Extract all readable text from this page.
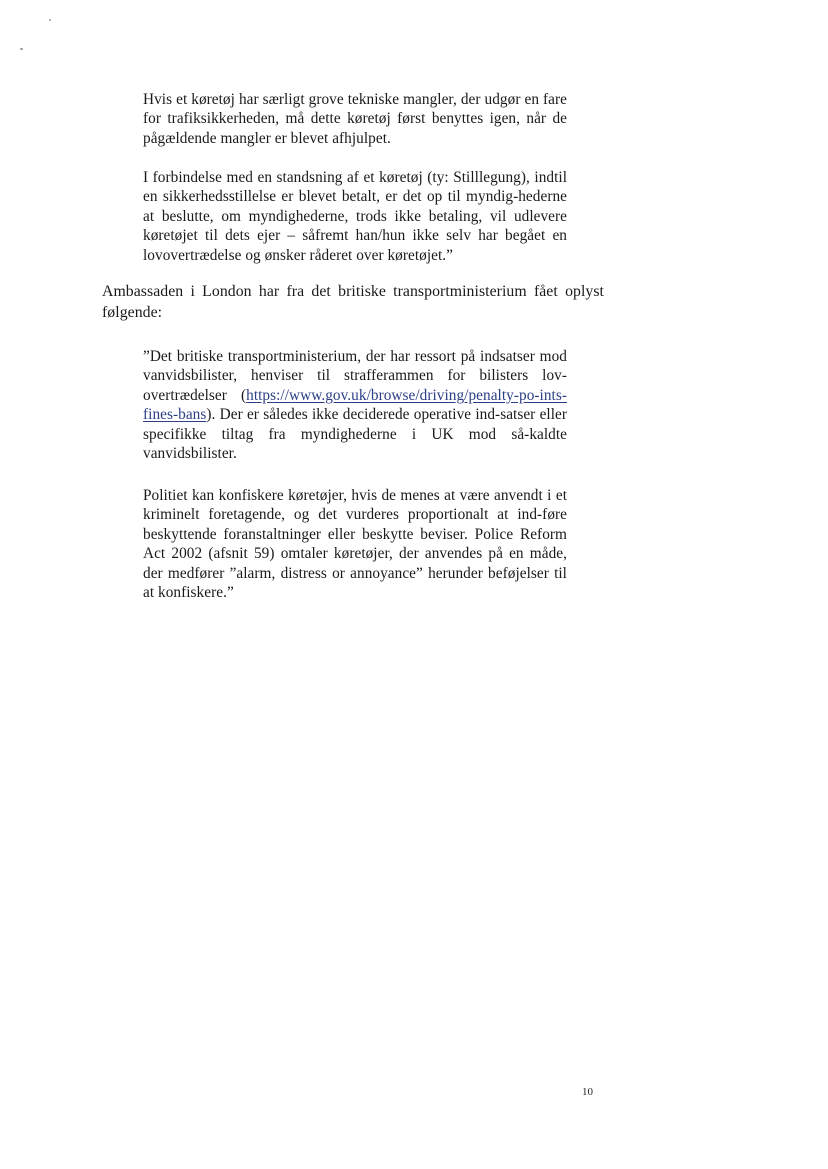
Hvis et køretøj har særligt grove tekniske mangler, der udgør en fare for trafiksikkerheden, må dette køretøj først benyttes igen, når de pågældende mangler er blevet afhjulpet.

I forbindelse med en standsning af et køretøj (ty: Stilllegung), indtil en sikkerhedsstillelse er blevet betalt, er det op til myndig-hederne at beslutte, om myndighederne, trods ikke betaling, vil udlevere køretøjet til dets ejer – såfremt han/hun ikke selv har begået en lovovertrædelse og ønsker råderet over køretøjet.”

Ambassaden i London har fra det britiske transportministerium fået oplyst følgende:

”Det britiske transportministerium, der har ressort på indsatser mod vanvidsbilister, henviser til strafferammen for bilisters lov-overtrædelser (https://www.gov.uk/browse/driving/penalty-po-ints-fines-bans). Der er således ikke deciderede operative ind-satser eller specifikke tiltag fra myndighederne i UK mod så-kaldte vanvidsbilister.

Politiet kan konfiskere køretøjer, hvis de menes at være anvendt i et kriminelt foretagende, og det vurderes proportionalt at ind-føre beskyttende foranstaltninger eller beskytte beviser. Police Reform Act 2002 (afsnit 59) omtaler køretøjer, der anvendes på en måde, der medfører ”alarm, distress or annoyance” herunder beføjelser til at konfiskere.”

10
